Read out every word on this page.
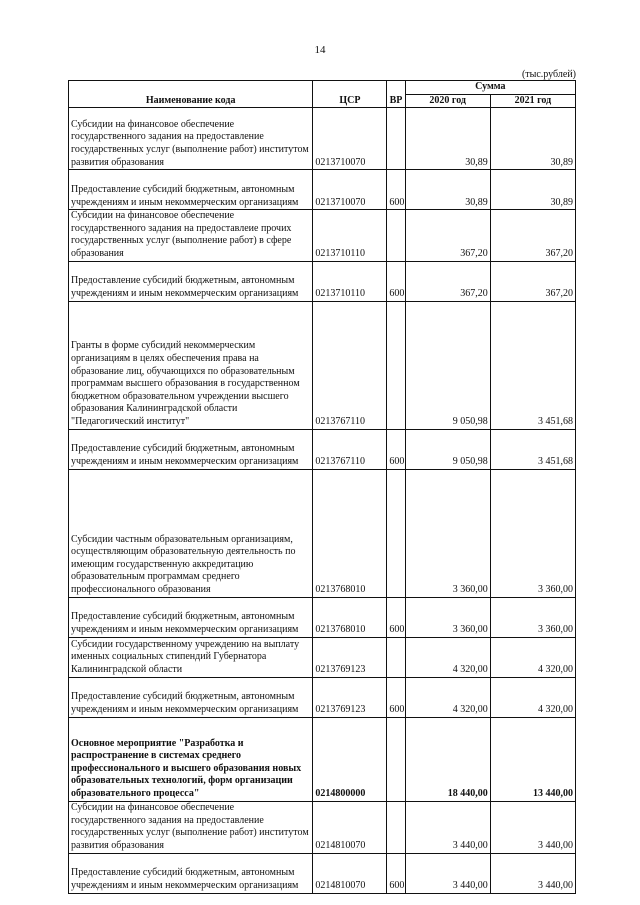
14
(тыс.рублей)
Наименование кода	ЦСР	ВР	Сумма	
			2020 год	2021 год
Субсидии на финансовое обеспечение государственного задания на предоставление государственных услуг (выполнение работ) институтом развития образования	0213710070		30,89	30,89
Предоставление субсидий бюджетным, автономным учреждениям и иным некоммерческим организациям	0213710070	600	30,89	30,89
Субсидии на финансовое обеспечение государственного задания на предоставлеие прочих государственных услуг (выполнение работ) в сфере образования	0213710110		367,20	367,20
Предоставление субсидий бюджетным, автономным учреждениям и иным некоммерческим организациям	0213710110	600	367,20	367,20
Гранты в форме субсидий некоммерческим организациям в целях обеспечения права на образование лиц, обучающихся по образовательным программам высшего образования в государственном бюджетном образовательном учреждении высшего образования Калининградской области "Педагогический институт"	0213767110		9 050,98	3 451,68
Предоставление субсидий бюджетным, автономным учреждениям и иным некоммерческим организациям	0213767110	600	9 050,98	3 451,68
Субсидии частным образовательным организациям, осуществляющим образовательную деятельность по имеющим государственную аккредитацию образовательным программам среднего профессионального образования	0213768010		3 360,00	3 360,00
Предоставление субсидий бюджетным, автономным учреждениям и иным некоммерческим организациям	0213768010	600	3 360,00	3 360,00
Субсидии государственному учреждению на выплату именных социальных стипендий Губернатора Калининградской области	0213769123		4 320,00	4 320,00
Предоставление субсидий бюджетным, автономным учреждениям и иным некоммерческим организациям	0213769123	600	4 320,00	4 320,00
Основное мероприятие "Разработка и распространение в системах среднего профессионального и высшего образования новых образовательных технологий, форм организации образовательного процесса"	0214800000		18 440,00	13 440,00
Субсидии на финансовое обеспечение государственного задания на предоставление государственных услуг (выполнение работ) институтом развития образования	0214810070		3 440,00	3 440,00
Предоставление субсидий бюджетным, автономным учреждениям и иным некоммерческим организациям	0214810070	600	3 440,00	3 440,00
